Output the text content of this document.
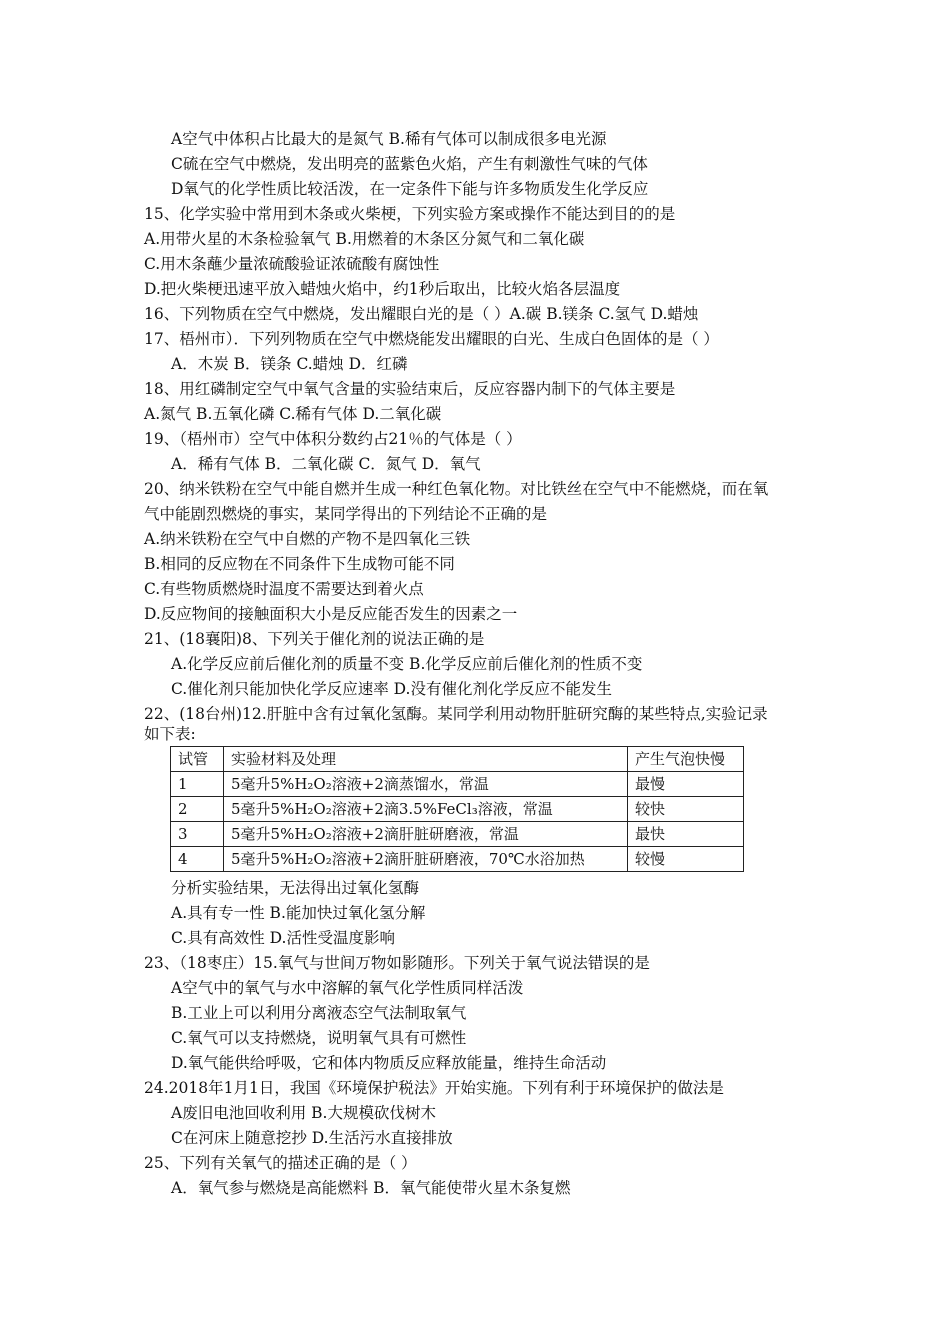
A空气中体积占比最大的是氮气 B.稀有气体可以制成很多电光源
C硫在空气中燃烧，发出明亮的蓝紫色火焰，产生有刺激性气味的气体
D氧气的化学性质比较活泼，在一定条件下能与许多物质发生化学反应
15、化学实验中常用到木条或火柴梗，下列实验方案或操作不能达到目的的是
A.用带火星的木条检验氧气 B.用燃着的木条区分氮气和二氧化碳
C.用木条蘸少量浓硫酸验证浓硫酸有腐蚀性
D.把火柴梗迅速平放入蜡烛火焰中，约1秒后取出，比较火焰各层温度
16、下列物质在空气中燃烧，发出耀眼白光的是（ ）A.碳 B.镁条 C.氢气 D.蜡烛
17、梧州市）．下列列物质在空气中燃烧能发出耀眼的白光、生成白色固体的是（ ）
A．木炭 B．镁条 C.蜡烛 D．红磷
18、用红磷制定空气中氧气含量的实验结束后，反应容器内制下的气体主要是
A.氮气 B.五氧化磷 C.稀有气体 D.二氧化碳
19、（梧州市）空气中体积分数约占21％的气体是（ ）
A．稀有气体 B．二氧化碳 C．氮气 D．氧气
20、纳米铁粉在空气中能自燃并生成一种红色氧化物。对比铁丝在空气中不能燃烧，而在氧
气中能剧烈燃烧的事实，某同学得出的下列结论不正确的是
A.纳米铁粉在空气中自燃的产物不是四氧化三铁
B.相同的反应物在不同条件下生成物可能不同
C.有些物质燃烧时温度不需要达到着火点
D.反应物间的接触面积大小是反应能否发生的因素之一
21、(18襄阳)8、下列关于催化剂的说法正确的是
A.化学反应前后催化剂的质量不变 B.化学反应前后催化剂的性质不变
C.催化剂只能加快化学反应速率 D.没有催化剂化学反应不能发生
22、(18台州)12.肝脏中含有过氧化氢酶。某同学利用动物肝脏研究酶的某些特点,实验记录
如下表:
试管	实验材料及处理	产生气泡快慢
1	5毫升5%H₂O₂溶液+2滴蒸馏水，常温	最慢
2	5毫升5%H₂O₂溶液+2滴3.5%FeCl₃溶液，常温	较快
3	5毫升5%H₂O₂溶液+2滴肝脏研磨液，常温	最快
4	5毫升5%H₂O₂溶液+2滴肝脏研磨液，70℃水浴加热	较慢
分析实验结果，无法得出过氧化氢酶
A.具有专一性 B.能加快过氧化氢分解
C.具有高效性 D.活性受温度影响
23、（18枣庄）15.氧气与世间万物如影随形。下列关于氧气说法错误的是
A空气中的氧气与水中溶解的氧气化学性质同样活泼
B.工业上可以利用分离液态空气法制取氧气
C.氧气可以支持燃烧，说明氧气具有可燃性
D.氧气能供给呼吸，它和体内物质反应释放能量，维持生命活动
24.2018年1月1日，我国《环境保护税法》开始实施。下列有利于环境保护的做法是
A废旧电池回收利用 B.大规模砍伐树木
C在河床上随意挖抄 D.生活污水直接排放
25、下列有关氧气的描述正确的是（ ）
A．氧气参与燃烧是高能燃料 B．氧气能使带火星木条复燃
